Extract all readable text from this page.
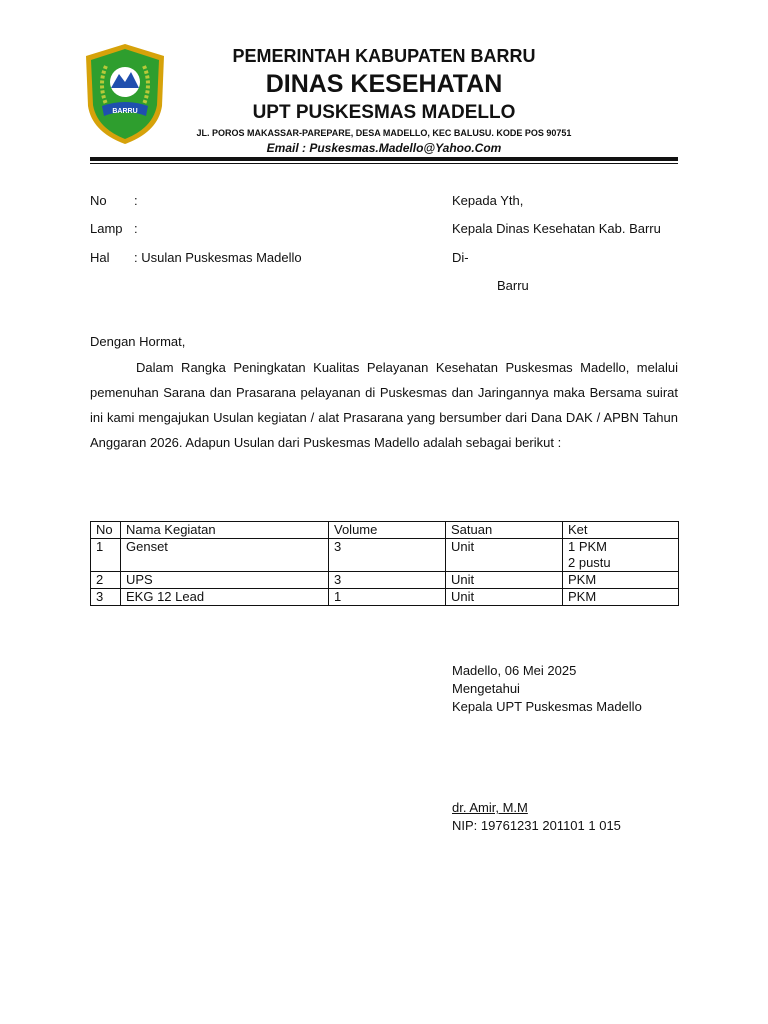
BARRU
PEMERINTAH KABUPATEN BARRU
DINAS KESEHATAN
UPT PUSKESMAS MADELLO
JL. POROS MAKASSAR-PAREPARE, DESA MADELLO, KEC BALUSU. KODE POS 90751
Email : Puskesmas.Madello@Yahoo.Com
No :
Lamp :
Hal : Usulan Puskesmas Madello
Kepada Yth,
Kepala Dinas Kesehatan Kab. Barru
Di-
Barru
Dengan Hormat,
Dalam Rangka Peningkatan Kualitas Pelayanan Kesehatan Puskesmas Madello, melalui pemenuhan Sarana dan Prasarana pelayanan di Puskesmas dan Jaringannya maka Bersama suirat ini kami mengajukan Usulan kegiatan / alat Prasarana yang bersumber dari Dana DAK / APBN Tahun Anggaran 2026. Adapun Usulan dari Puskesmas Madello adalah sebagai berikut :
No	Nama Kegiatan	Volume	Satuan	Ket
1	Genset	3	Unit	1 PKM
2 pustu

2	UPS	3	Unit	PKM
3	EKG 12 Lead	1	Unit	PKM
Madello, 06 Mei 2025
Mengetahui
Kepala UPT Puskesmas Madello
dr. Amir, M.M
NIP: 19761231 201101 1 015
